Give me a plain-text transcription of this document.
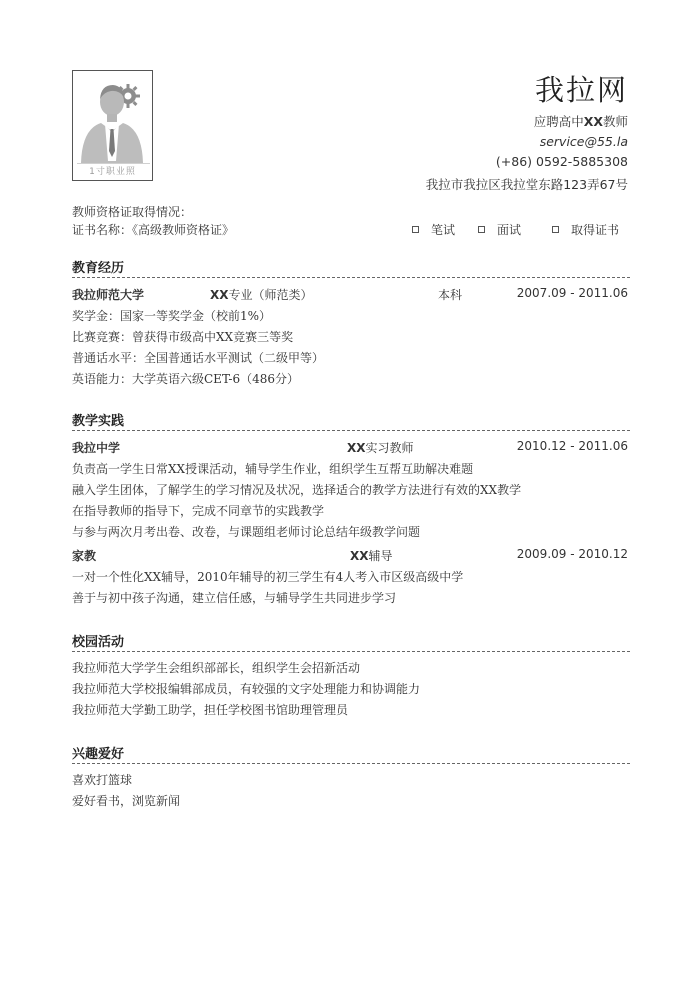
1寸职业照
我拉网
应聘高中XX教师
service@55.la
(+86) 0592-5885308
我拉市我拉区我拉堂东路123弄67号
教师资格证取得情况：
证书名称：《高级教师资格证》	笔试	面试	取得证书
教育经历
我拉师范大学	XX专业（师范类）	本科	2007.09 - 2011.06
奖学金：国家一等奖学金（校前1%）
比赛竞赛：曾获得市级高中XX竞赛三等奖
普通话水平：全国普通话水平测试（二级甲等）
英语能力：大学英语六级CET-6（486分）
教学实践
我拉中学	XX实习教师	2010.12 - 2011.06
负责高一学生日常XX授课活动，辅导学生作业，组织学生互帮互助解决难题
融入学生团体，了解学生的学习情况及状况，选择适合的教学方法进行有效的XX教学
在指导教师的指导下，完成不同章节的实践教学
与参与两次月考出卷、改卷，与课题组老师讨论总结年级教学问题
家教	XX辅导	2009.09 - 2010.12
一对一个性化XX辅导，2010年辅导的初三学生有4人考入市区级高级中学
善于与初中孩子沟通，建立信任感，与辅导学生共同进步学习
校园活动
我拉师范大学学生会组织部部长，组织学生会招新活动
我拉师范大学校报编辑部成员，有较强的文字处理能力和协调能力
我拉师范大学勤工助学，担任学校图书馆助理管理员
兴趣爱好
喜欢打篮球
爱好看书，浏览新闻
